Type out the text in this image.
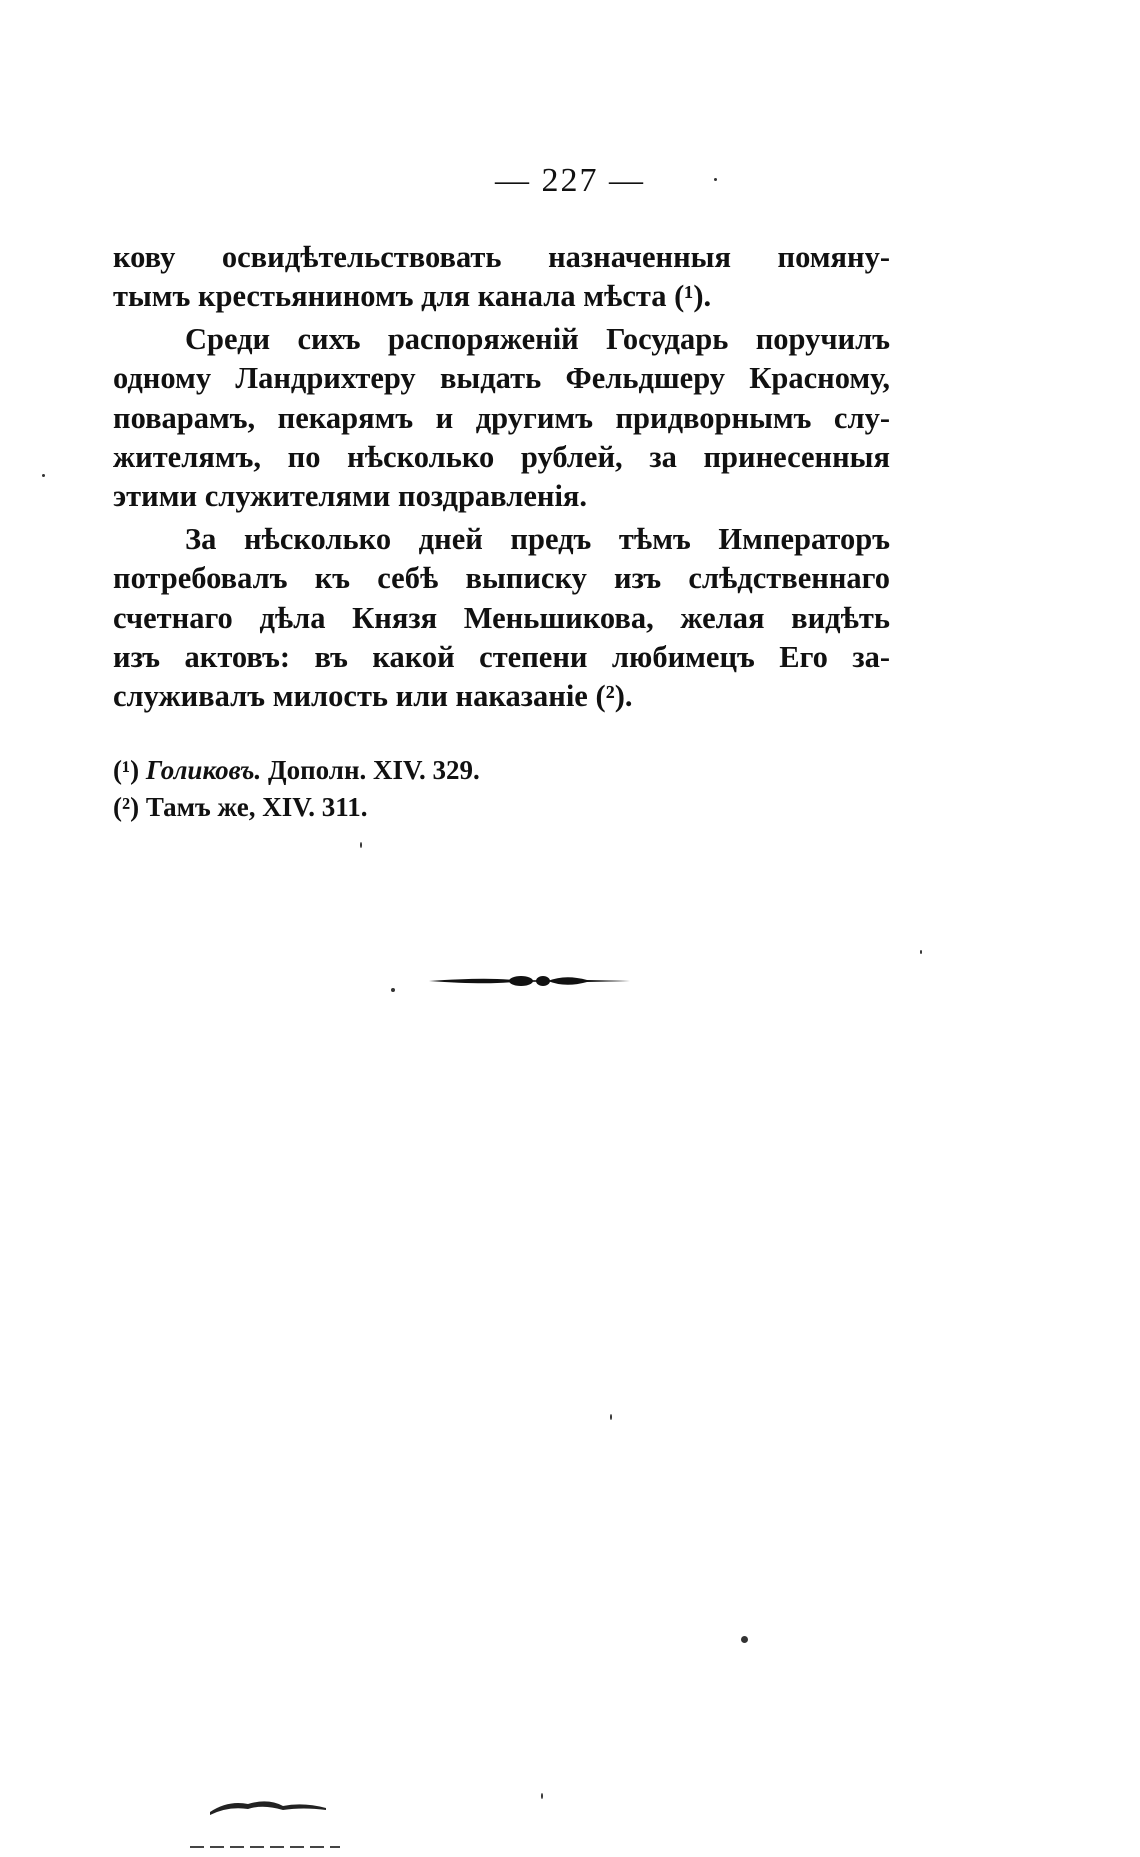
— 227 —
кову освидѣтельствовать назначенныя помяну-
тымъ крестьяниномъ для канала мѣста (¹).
Среди сихъ распоряженій Государь поручилъ
одному Ландрихтеру выдать Фельдшеру Красному,
поварамъ, пекарямъ и другимъ придворнымъ слу-
жителямъ, по нѣсколько рублей, за принесенныя
этими служителями поздравленія.
За нѣсколько дней предъ тѣмъ Императоръ
потребовалъ къ себѣ выписку изъ слѣдственнаго
счетнаго дѣла Князя Меньшикова, желая видѣть
изъ актовъ: въ какой степени любимецъ Его за-
служивалъ милость или наказаніе (²).
(¹) Голиковъ. Дополн. XIV. 329.
(²) Тамъ же, XIV. 311.
